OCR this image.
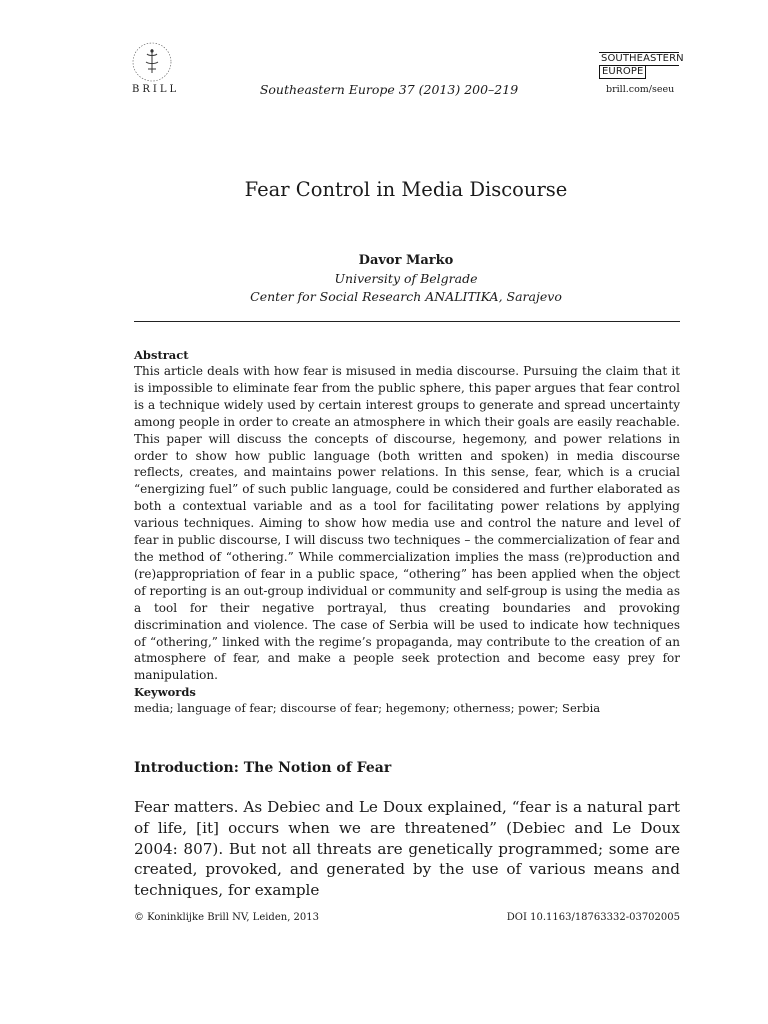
BRILL	Southeastern Europe 37 (2013) 200–219
SOUTHEASTERN
EUROPE
brill.com/seeu
Fear Control in Media Discourse
Davor Marko
University of Belgrade
Center for Social Research ANALITIKA, Sarajevo
Abstract
This article deals with how fear is misused in media discourse. Pursuing the claim that it is impossible to eliminate fear from the public sphere, this paper argues that fear control is a technique widely used by certain interest groups to generate and spread uncertainty among people in order to create an atmosphere in which their goals are easily reachable. This paper will discuss the concepts of discourse, hegemony, and power relations in order to show how public language (both written and spoken) in media discourse reflects, creates, and maintains power relations. In this sense, fear, which is a crucial “energizing fuel” of such public language, could be considered and further elaborated as both a contextual variable and as a tool for facilitating power relations by applying various techniques. Aiming to show how media use and control the nature and level of fear in public discourse, I will discuss two techniques – the commercialization of fear and the method of “othering.” While commercialization implies the mass (re)production and (re)appropriation of fear in a public space, “othering” has been applied when the object of reporting is an out-group individual or community and self-group is using the media as a tool for their negative portrayal, thus creating boundaries and provoking discrimination and violence. The case of Serbia will be used to indicate how techniques of “othering,” linked with the regime’s propaganda, may contribute to the creation of an atmosphere of fear, and make a people seek protection and become easy prey for manipulation.
Keywords
media; language of fear; discourse of fear; hegemony; otherness; power; Serbia
Introduction: The Notion of Fear
Fear matters. As Debiec and Le Doux explained, “fear is a natural part of life, [it] occurs when we are threatened” (Debiec and Le Doux 2004: 807). But not all threats are genetically programmed; some are created, provoked, and generated by the use of various means and techniques, for example
© Koninklijke Brill NV, Leiden, 2013	DOI 10.1163/18763332-03702005
